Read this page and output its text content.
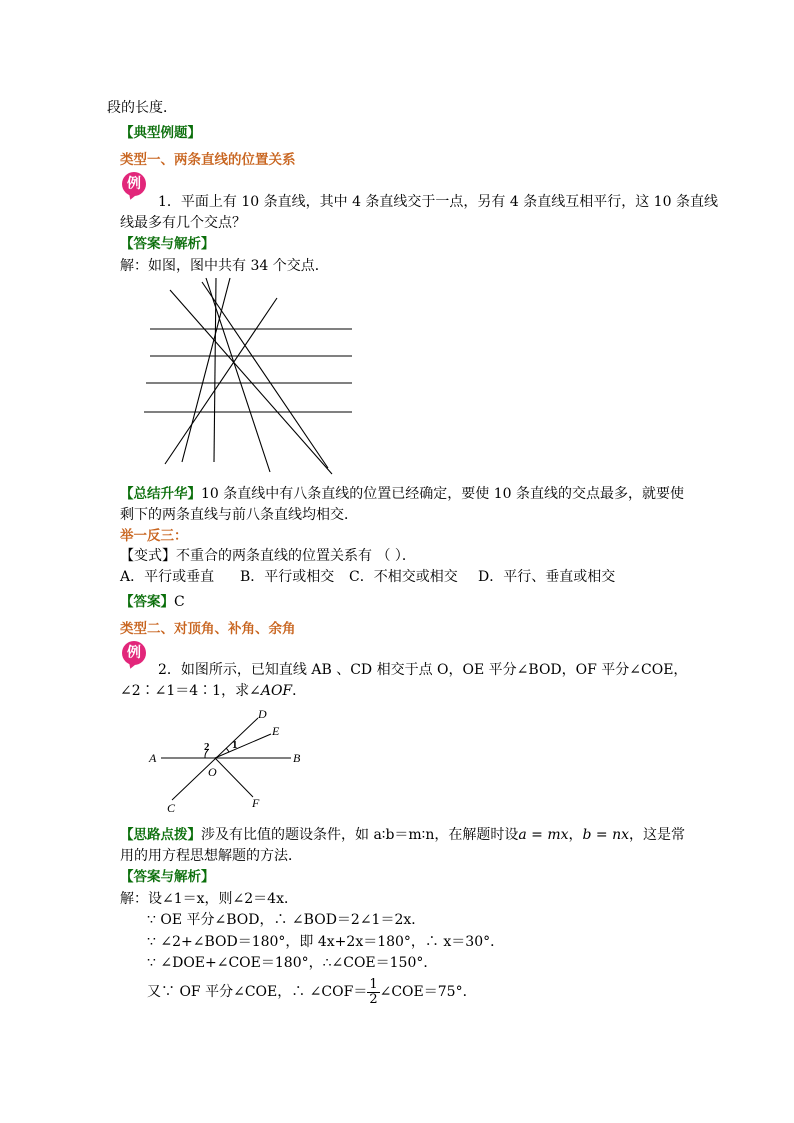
段的长度．
【典型例题】
类型一、两条直线的位置关系
例
1．平面上有 10 条直线，其中 4 条直线交于一点，另有 4 条直线互相平行，这 10 条直线
线最多有几个交点？
【答案与解析】
解：如图，图中共有 34 个交点．
【总结升华】10 条直线中有八条直线的位置已经确定，要使 10 条直线的交点最多，就要使
剩下的两条直线与前八条直线均相交．
举一反三：
【变式】不重合的两条直线的位置关系有 （ ）．
A．平行或垂直 B．平行或相交 C．不相交或相交 D．平行、垂直或相交
【答案】C
类型二、对顶角、补角、余角
例
2．如图所示，已知直线 AB 、CD 相交于点 O，OE 平分∠BOD，OF 平分∠COE，
∠2∶∠1＝4∶1，求∠AOF．
D
E
A	B
O
C	F
2 1
【思路点拨】涉及有比值的题设条件，如 a∶b＝m∶n，在解题时设a = mx，b = nx，这是常
用的用方程思想解题的方法．
【答案与解析】
解：设∠1＝x，则∠2＝4x．
∵ OE 平分∠BOD，∴ ∠BOD＝2∠1＝2x．
∵ ∠2+∠BOD＝180°，即 4x+2x＝180°，∴ x＝30°．
∵ ∠DOE+∠COE＝180°，∴∠COE＝150°．
又∵ OF 平分∠COE，∴ ∠COF＝ $\frac{1}{2}$ ∠COE＝75°．
